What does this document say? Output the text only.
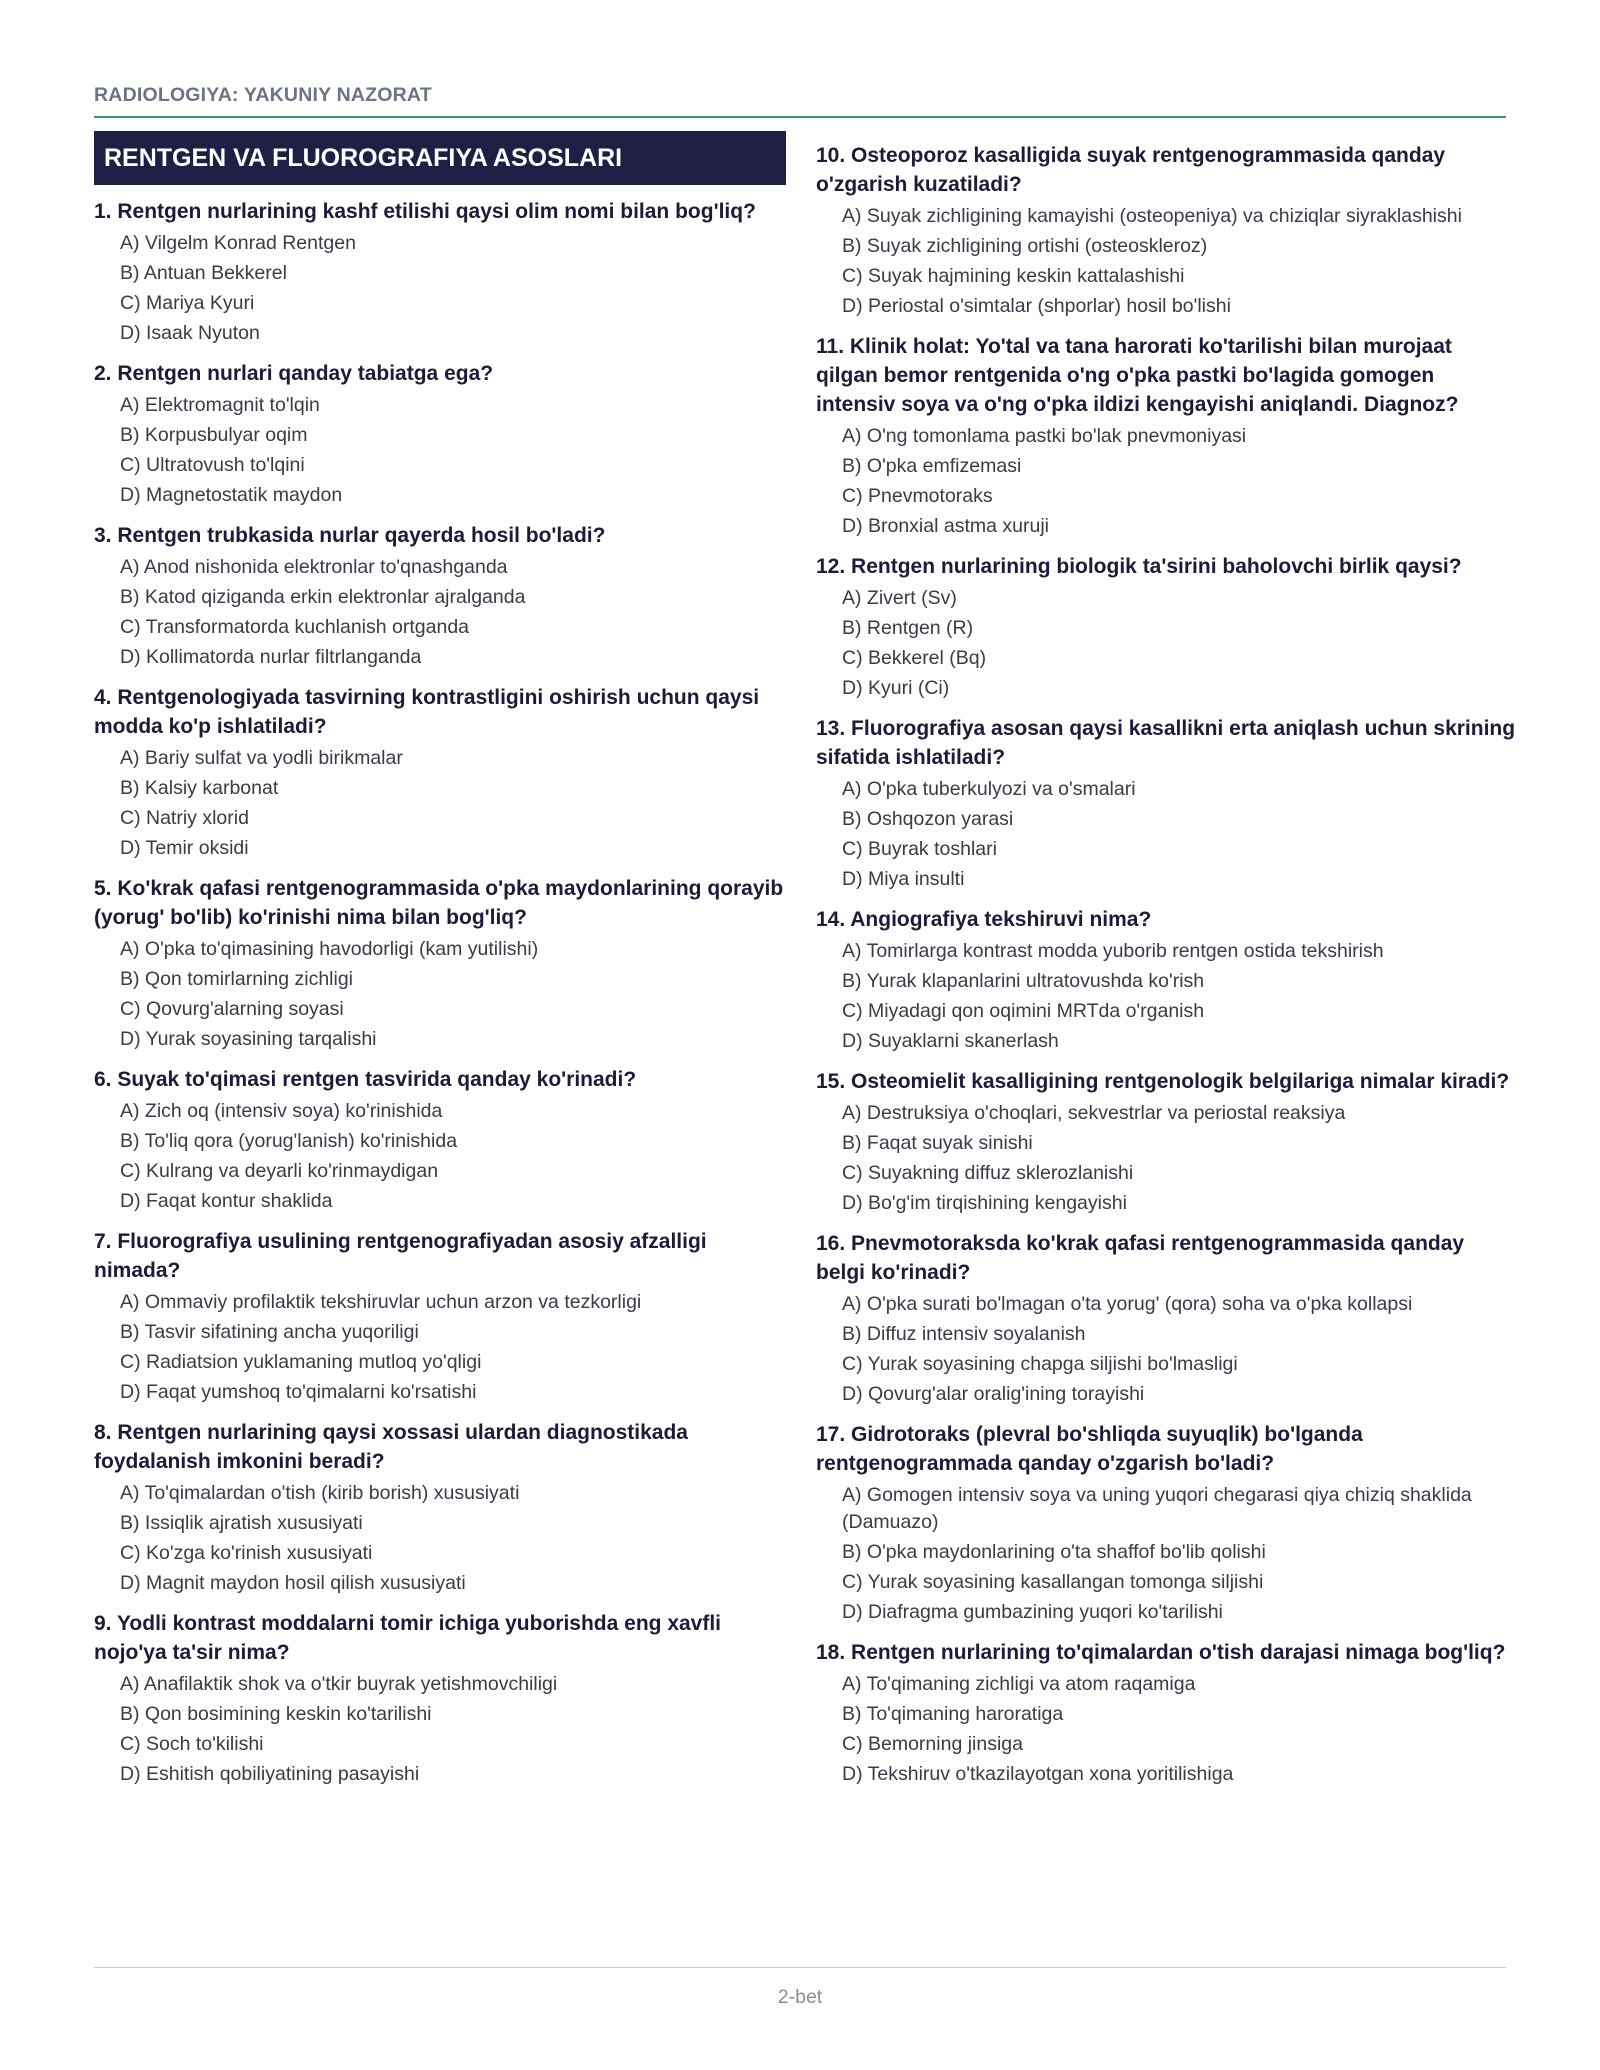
RADIOLOGIYA: YAKUNIY NAZORAT
RENTGEN VA FLUOROGRAFIYA ASOSLARI
1. Rentgen nurlarining kashf etilishi qaysi olim nomi bilan bog'liq?
A) Vilgelm Konrad Rentgen
B) Antuan Bekkerel
C) Mariya Kyuri
D) Isaak Nyuton
2. Rentgen nurlari qanday tabiatga ega?
A) Elektromagnit to'lqin
B) Korpusbulyar oqim
C) Ultratovush to'lqini
D) Magnetostatik maydon
3. Rentgen trubkasida nurlar qayerda hosil bo'ladi?
A) Anod nishonida elektronlar to'qnashganda
B) Katod qiziganda erkin elektronlar ajralganda
C) Transformatorda kuchlanish ortganda
D) Kollimatorda nurlar filtrlanganda
4. Rentgenologiyada tasvirning kontrastligini oshirish uchun qaysi modda ko'p ishlatiladi?
A) Bariy sulfat va yodli birikmalar
B) Kalsiy karbonat
C) Natriy xlorid
D) Temir oksidi
5. Ko'krak qafasi rentgenogrammasida o'pka maydonlarining qorayib (yorug' bo'lib) ko'rinishi nima bilan bog'liq?
A) O'pka to'qimasining havodorligi (kam yutilishi)
B) Qon tomirlarning zichligi
C) Qovurg'alarning soyasi
D) Yurak soyasining tarqalishi
6. Suyak to'qimasi rentgen tasvirida qanday ko'rinadi?
A) Zich oq (intensiv soya) ko'rinishida
B) To'liq qora (yorug'lanish) ko'rinishida
C) Kulrang va deyarli ko'rinmaydigan
D) Faqat kontur shaklida
7. Fluorografiya usulining rentgenografiyadan asosiy afzalligi nimada?
A) Ommaviy profilaktik tekshiruvlar uchun arzon va tezkorligi
B) Tasvir sifatining ancha yuqoriligi
C) Radiatsion yuklamaning mutloq yo'qligi
D) Faqat yumshoq to'qimalarni ko'rsatishi
8. Rentgen nurlarining qaysi xossasi ulardan diagnostikada foydalanish imkonini beradi?
A) To'qimalardan o'tish (kirib borish) xususiyati
B) Issiqlik ajratish xususiyati
C) Ko'zga ko'rinish xususiyati
D) Magnit maydon hosil qilish xususiyati
9. Yodli kontrast moddalarni tomir ichiga yuborishda eng xavfli nojo'ya ta'sir nima?
A) Anafilaktik shok va o'tkir buyrak yetishmovchiligi
B) Qon bosimining keskin ko'tarilishi
C) Soch to'kilishi
D) Eshitish qobiliyatining pasayishi
10. Osteoporoz kasalligida suyak rentgenogrammasida qanday o'zgarish kuzatiladi?
A) Suyak zichligining kamayishi (osteopeniya) va chiziqlar siyraklashishi
B) Suyak zichligining ortishi (osteoskleroz)
C) Suyak hajmining keskin kattalashishi
D) Periostal o'simtalar (shporlar) hosil bo'lishi
11. Klinik holat: Yo'tal va tana harorati ko'tarilishi bilan murojaat qilgan bemor rentgenida o'ng o'pka pastki bo'lagida gomogen intensiv soya va o'ng o'pka ildizi kengayishi aniqlandi. Diagnoz?
A) O'ng tomonlama pastki bo'lak pnevmoniyasi
B) O'pka emfizemasi
C) Pnevmotoraks
D) Bronxial astma xuruji
12. Rentgen nurlarining biologik ta'sirini baholovchi birlik qaysi?
A) Zivert (Sv)
B) Rentgen (R)
C) Bekkerel (Bq)
D) Kyuri (Ci)
13. Fluorografiya asosan qaysi kasallikni erta aniqlash uchun skrining sifatida ishlatiladi?
A) O'pka tuberkulyozi va o'smalari
B) Oshqozon yarasi
C) Buyrak toshlari
D) Miya insulti
14. Angiografiya tekshiruvi nima?
A) Tomirlarga kontrast modda yuborib rentgen ostida tekshirish
B) Yurak klapanlarini ultratovushda ko'rish
C) Miyadagi qon oqimini MRTda o'rganish
D) Suyaklarni skanerlash
15. Osteomielit kasalligining rentgenologik belgilariga nimalar kiradi?
A) Destruksiya o'choqlari, sekvestrlar va periostal reaksiya
B) Faqat suyak sinishi
C) Suyakning diffuz sklerozlanishi
D) Bo'g'im tirqishining kengayishi
16. Pnevmotoraksda ko'krak qafasi rentgenogrammasida qanday belgi ko'rinadi?
A) O'pka surati bo'lmagan o'ta yorug' (qora) soha va o'pka kollapsi
B) Diffuz intensiv soyalanish
C) Yurak soyasining chapga siljishi bo'lmasligi
D) Qovurg'alar oralig'ining torayishi
17. Gidrotoraks (plevral bo'shliqda suyuqlik) bo'lganda rentgenogrammada qanday o'zgarish bo'ladi?
A) Gomogen intensiv soya va uning yuqori chegarasi qiya chiziq shaklida (Damuazo)
B) O'pka maydonlarining o'ta shaffof bo'lib qolishi
C) Yurak soyasining kasallangan tomonga siljishi
D) Diafragma gumbazining yuqori ko'tarilishi
18. Rentgen nurlarining to'qimalardan o'tish darajasi nimaga bog'liq?
A) To'qimaning zichligi va atom raqamiga
B) To'qimaning haroratiga
C) Bemorning jinsiga
D) Tekshiruv o'tkazilayotgan xona yoritilishiga
2-bet
